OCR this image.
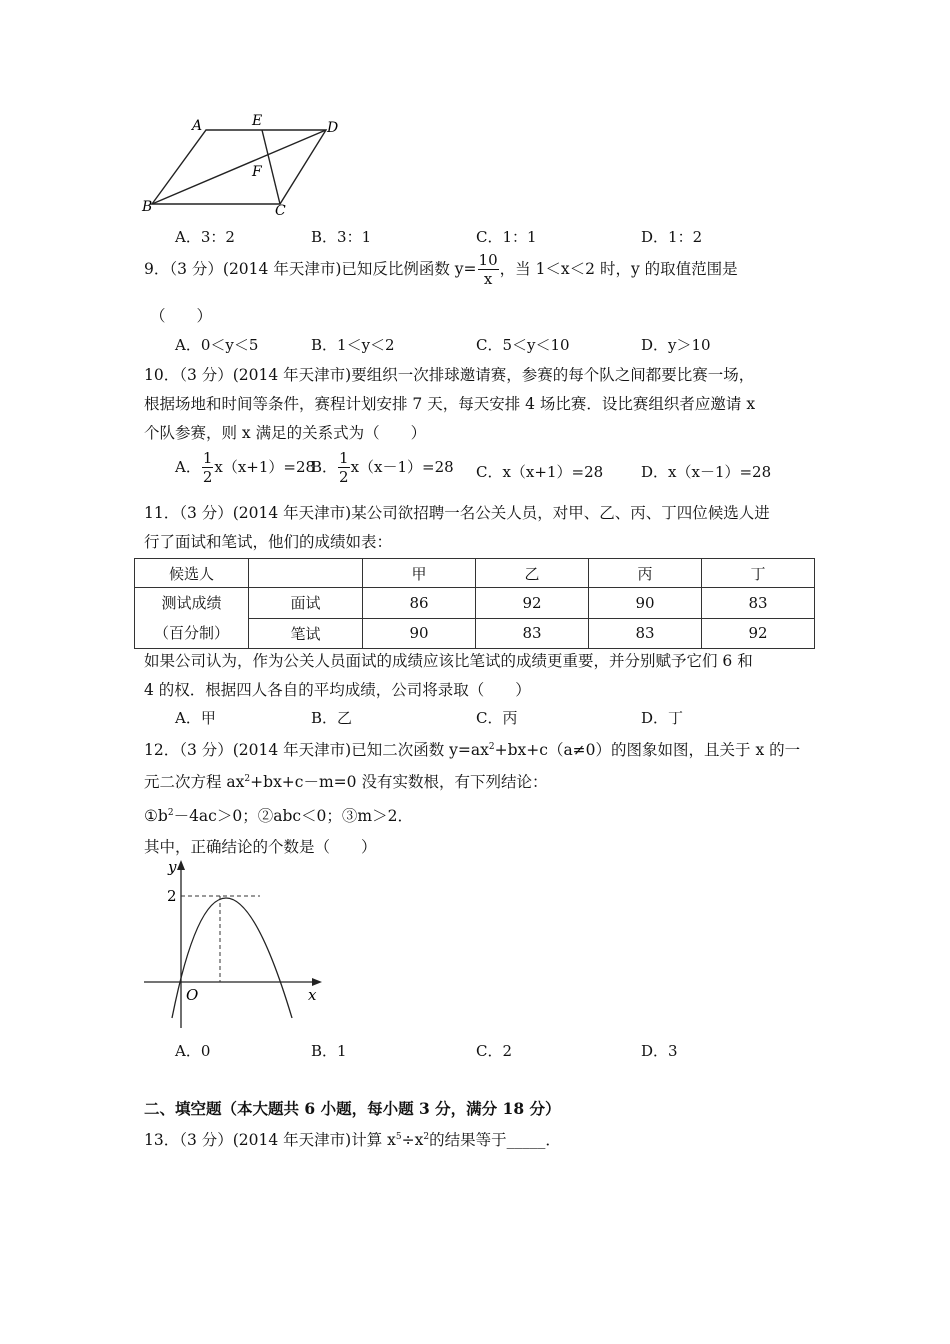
A	E	D
F
B	C
A．3：2	B．3：1	C．1：1	D．1：2
9．（3 分）(2014 年天津市)已知反比例函数 $y= \frac{10}{x}$ ，当 1＜x＜2 时，y 的取值范围是
（　　）
A．0＜y＜5	B．1＜y＜2	C．5＜y＜10	D．y＞10
10．（3 分）(2014 年天津市)要组织一次排球邀请赛，参赛的每个队之间都要比赛一场，
根据场地和时间等条件，赛程计划安排 7 天，每天安排 4 场比赛．设比赛组织者应邀请 x
个队参赛，则 x 满足的关系式为（　　）
A． $\frac{1}{2} x(x+1)=28$
B． $\frac{1}{2} x(x-1)=28$ C．x（x+1）=28	D．x（x－1）=28
11．（3 分）(2014 年天津市)某公司欲招聘一名公关人员，对甲、乙、丙、丁四位候选人进
行了面试和笔试，他们的成绩如表：
候选人		甲	乙	丙	丁

测试成绩
（百分制）	面试	86	92	90	83
	笔试	90	83	83	92
如果公司认为，作为公关人员面试的成绩应该比笔试的成绩更重要，并分别赋予它们 6 和
4 的权．根据四人各自的平均成绩，公司将录取（　　）
A．甲	B．乙	C．丙	D．丁
12．（3 分）(2014 年天津市)已知二次函数 $y=ax^2+bx+c(a\ne 0)$的图象如图，且关于 x 的一
元二次方程 $ax^2+bx+c-m=0$ 没有实数根，有下列结论：
$①b^2-4ac>0$；②abc＜0；③m＞2．
其中，正确结论的个数是（　　）
y
2
O	x
A．0	B．1	C．2	D．3
二、填空题（本大题共 6 小题，每小题 3 分，满分 18 分）
13．（3 分）(2014 年天津市)计算 $x^5\div x^2$的结果等于_____．
